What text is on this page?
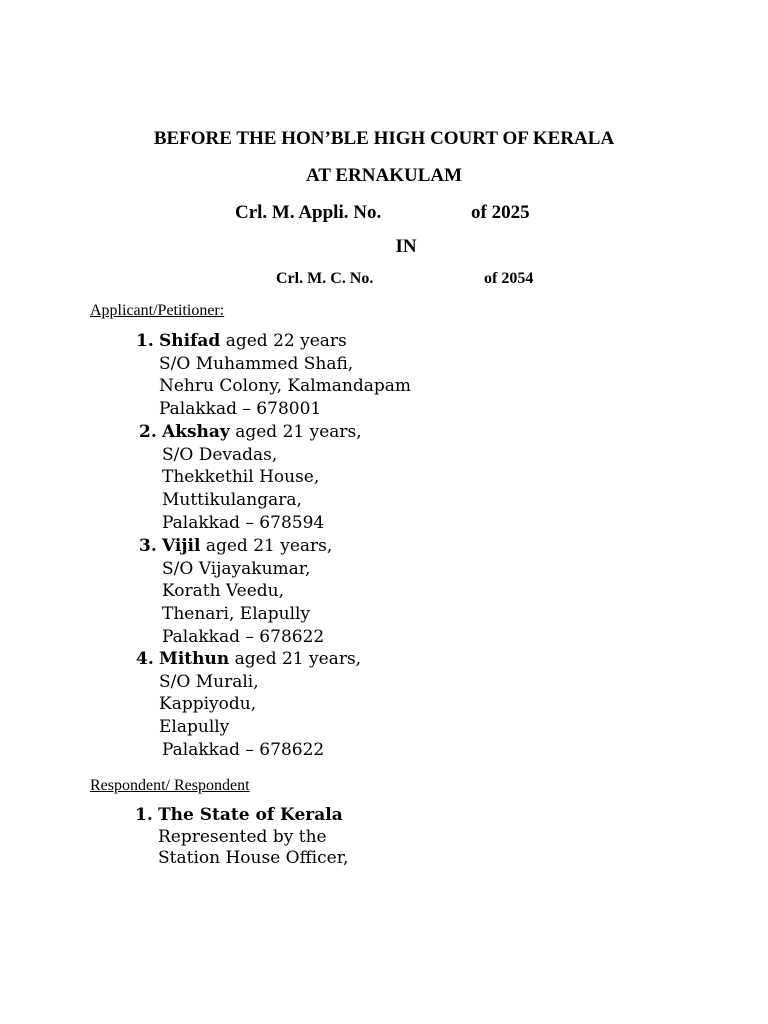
BEFORE THE HON’BLE HIGH COURT OF KERALA
AT ERNAKULAM
Crl. M. Appli. No.	of 2025
IN
Crl. M. C. No.	of 2054
Applicant/Petitioner:
1. Shifad aged 22 years
S/O Muhammed Shafi,
Nehru Colony, Kalmandapam
Palakkad – 678001
2. Akshay aged 21 years,
S/O Devadas,
Thekkethil House,
Muttikulangara,
Palakkad – 678594
3. Vijil aged 21 years,
S/O Vijayakumar,
Korath Veedu,
Thenari, Elapully
Palakkad – 678622
4. Mithun aged 21 years,
S/O Murali,
Kappiyodu,
Elapully
Palakkad – 678622
Respondent/ Respondent
1. The State of Kerala
Represented by the
Station House Officer,
